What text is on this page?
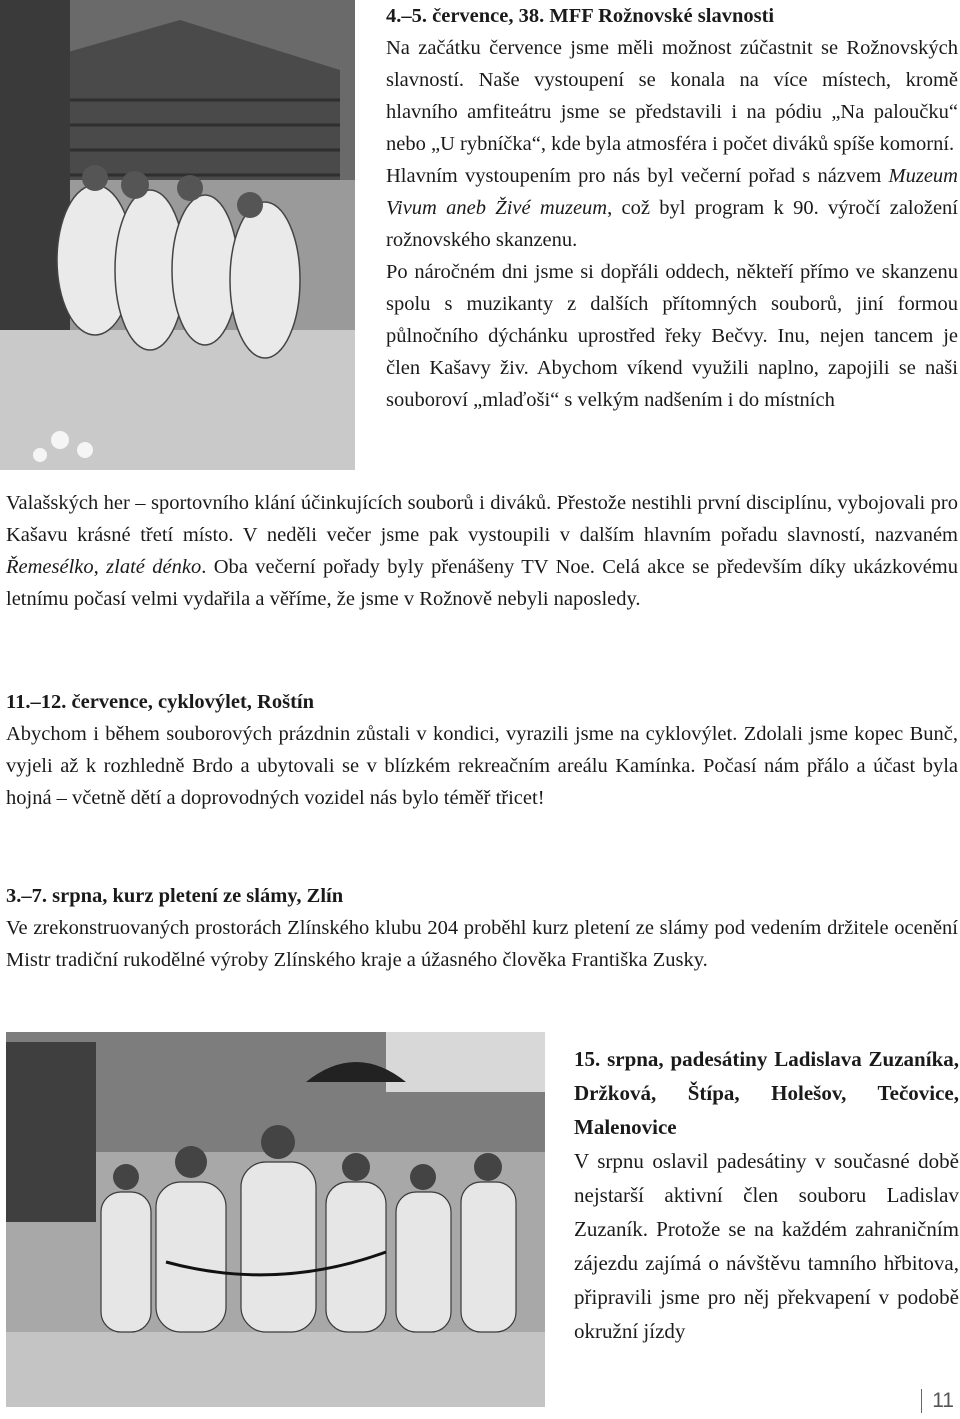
4.–5. července, 38. MFF Rožnovské slavnosti
Na začátku července jsme měli možnost zúčastnit se Rožnovských slavností. Naše vystoupení se konala na více místech, kromě hlavního amfiteátru jsme se představili i na pódiu „Na paloučku“ nebo „U rybníčka“, kde byla atmosféra i počet diváků spíše komorní.
Hlavním vystoupením pro nás byl večerní pořad s názvem Muzeum Vivum aneb Živé muzeum, což byl program k 90. výročí založení rožnovského skanzenu.
Po náročném dni jsme si dopřáli oddech, někteří přímo ve skanzenu spolu s muzikanty z dalších přítomných souborů, jiní formou půlnočního dýchánku uprostřed řeky Bečvy. Inu, nejen tancem je člen Kašavy živ. Abychom víkend využili naplno, zapojili se naši souboroví „mlaďoši“ s velkým nadšením i do místních
Valašských her – sportovního klání účinkujících souborů i diváků. Přestože nestihli první disciplínu, vybojovali pro Kašavu krásné třetí místo. V neděli večer jsme pak vystoupili v dalším hlavním pořadu slavností, nazvaném Řemesélko, zlaté dénko. Oba večerní pořady byly přenášeny TV Noe. Celá akce se především díky ukázkovému letnímu počasí velmi vydařila a věříme, že jsme v Rožnově nebyli naposledy.
11.–12. července, cyklovýlet, Roštín
Abychom i během souborových prázdnin zůstali v kondici, vyrazili jsme na cyklovýlet. Zdolali jsme kopec Bunč, vyjeli až k rozhledně Brdo a ubytovali se v blízkém rekreačním areálu Kamínka. Počasí nám přálo a účast byla hojná – včetně dětí a doprovodných vozidel nás bylo téměř třicet!
3.–7. srpna, kurz pletení ze slámy, Zlín
Ve zrekonstruovaných prostorách Zlínského klubu 204 proběhl kurz pletení ze slámy pod vedením držitele ocenění Mistr tradiční rukodělné výroby Zlínského kraje a úžasného člověka Františka Zusky.
15. srpna, padesátiny Ladislava Zuzaníka, Držková, Štípa, Holešov, Tečovice, Malenovice
V srpnu oslavil padesátiny v současné době nejstarší aktivní člen souboru Ladislav Zuzaník. Protože se na každém zahraničním zájezdu zajímá o návštěvu tamního hřbitova, připravili jsme pro něj překvapení v podobě okružní jízdy
11
